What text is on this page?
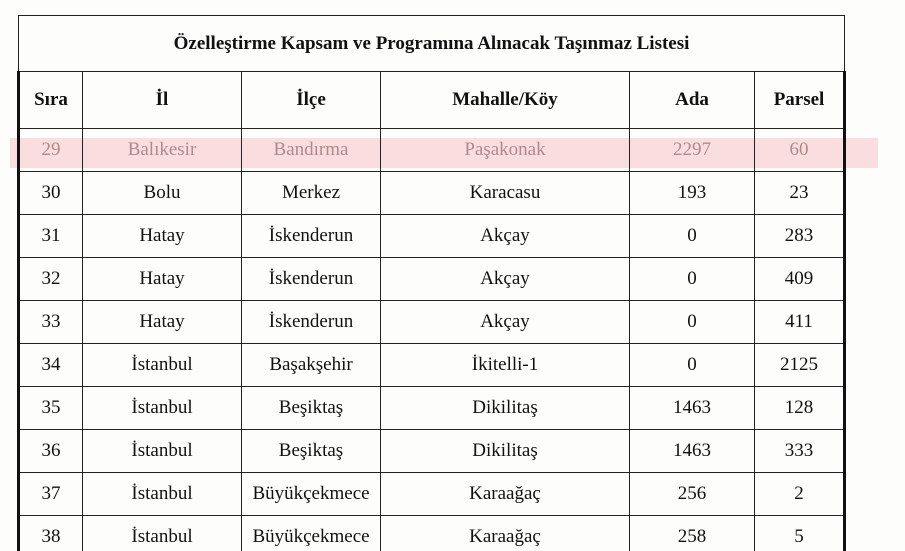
Özelleştirme Kapsam ve Programına Alınacak Taşınmaz Listesi					
Sıra	İl	İlçe	Mahalle/Köy	Ada	Parsel
29	Balıkesir	Bandırma	Paşakonak	2297	60
30	Bolu	Merkez	Karacasu	193	23
31	Hatay	İskenderun	Akçay	0	283
32	Hatay	İskenderun	Akçay	0	409
33	Hatay	İskenderun	Akçay	0	411
34	İstanbul	Başakşehir	İkitelli-1	0	2125
35	İstanbul	Beşiktaş	Dikilitaş	1463	128
36	İstanbul	Beşiktaş	Dikilitaş	1463	333
37	İstanbul	Büyükçekmece	Karaağaç	256	2
38	İstanbul	Büyükçekmece	Karaağaç	258	5
